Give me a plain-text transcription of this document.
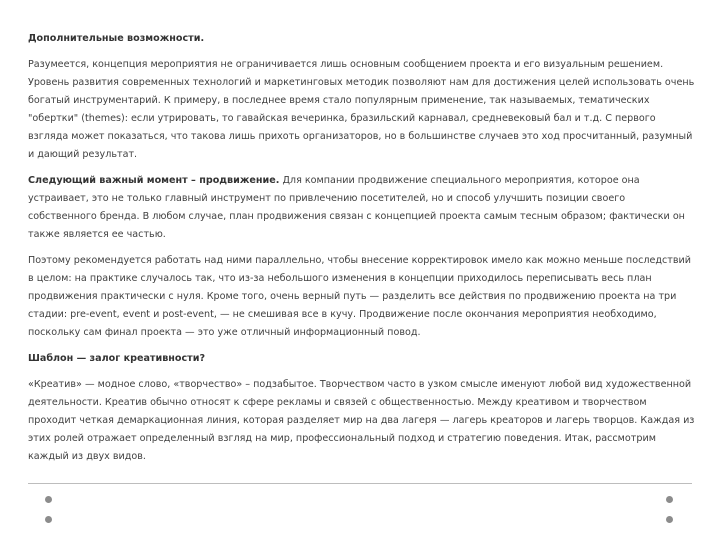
Дополнительные возможности.

Разумеется, концепция мероприятия не ограничивается лишь основным сообщением проекта и его визуальным решением. Уровень развития современных технологий и маркетинговых методик позволяют нам для достижения целей использовать очень богатый инструментарий. К примеру, в последнее время стало популярным применение, так называемых, тематических "обертки" (themes): если утрировать, то гавайская вечеринка, бразильский карнавал, средневековый бал и т.д. С первого взгляда может показаться, что такова лишь прихоть организаторов, но в большинстве случаев это ход просчитанный, разумный и дающий результат.

Следующий важный момент – продвижение. Для компании продвижение специального мероприятия, которое она устраивает, это не только главный инструмент по привлечению посетителей, но и способ улучшить позиции своего собственного бренда. В любом случае, план продвижения связан с концепцией проекта самым тесным образом; фактически он также является ее частью.

Поэтому рекомендуется работать над ними параллельно, чтобы внесение корректировок имело как можно меньше последствий в целом: на практике случалось так, что из-за небольшого изменения в концепции приходилось переписывать весь план продвижения практически с нуля. Кроме того, очень верный путь — разделить все действия по продвижению проекта на три стадии: pre-event, event и post-event, — не смешивая все в кучу. Продвижение после окончания мероприятия необходимо, поскольку сам финал проекта — это уже отличный информационный повод.

Шаблон — залог креативности?

«Креатив» — модное слово, «творчество» – подзабытое. Творчеством часто в узком смысле именуют любой вид художественной деятельности. Креатив обычно относят к сфере рекламы и связей с общественностью. Между креативом и творчеством проходит четкая демаркационная линия, которая разделяет мир на два лагеря — лагерь креаторов и лагерь творцов. Каждая из этих ролей отражает определенный взгляд на мир, профессиональный подход и стратегию поведения. Итак, рассмотрим каждый из двух видов.
